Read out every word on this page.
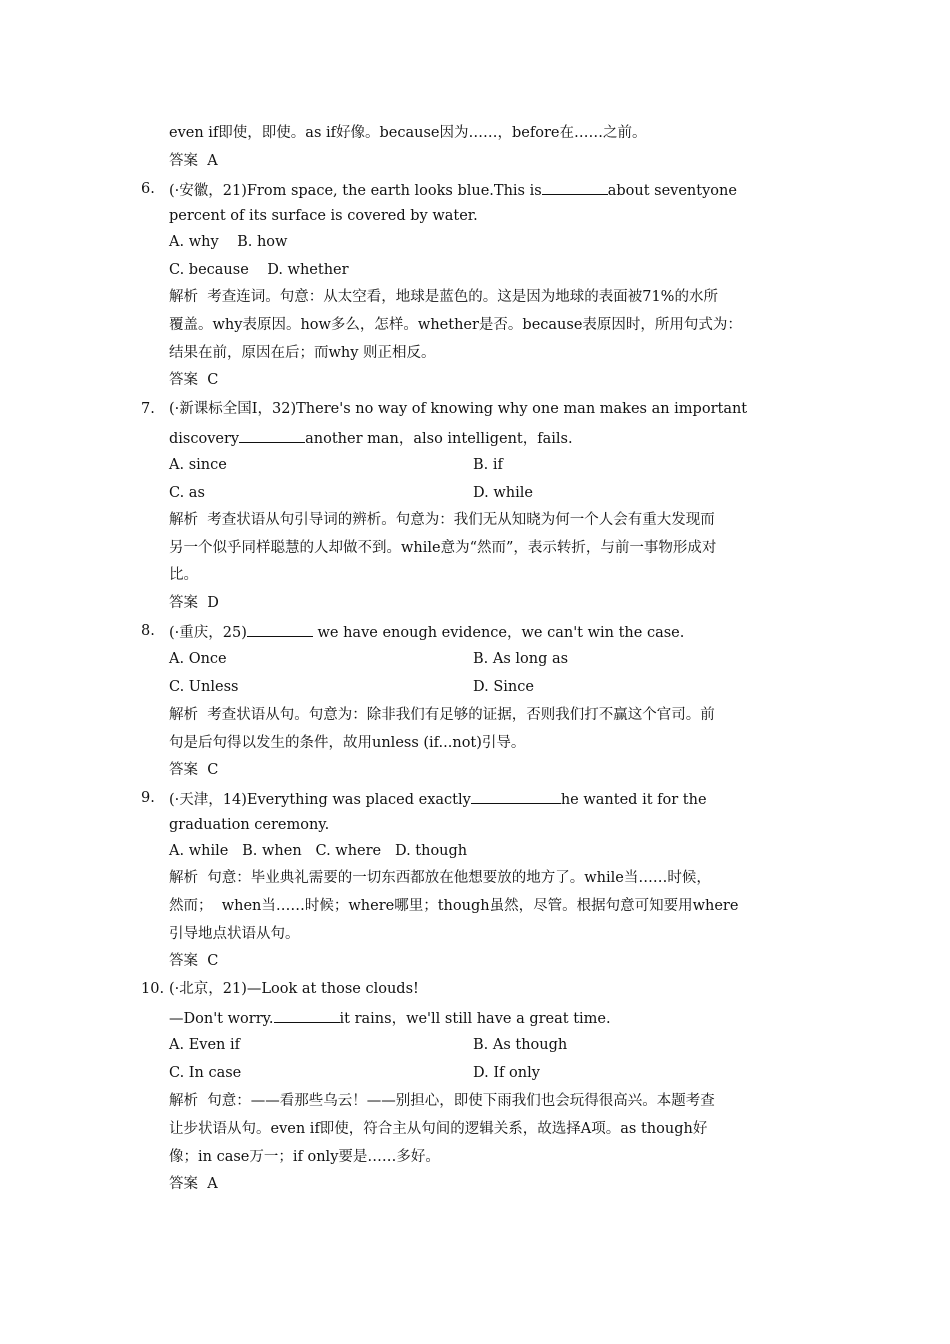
even if即使，即使。as if好像。because因为……，before在……之前。
答案  A
6. (·安徽，21)From space, the earth looks blue.This is	about seventyone
percent of its surface is covered by water.
A. why    B. how
C. because    D. whether
解析  考查连词。句意：从太空看，地球是蓝色的。这是因为地球的表面被71%的水所
覆盖。why表原因。how多么，怎样。whether是否。because表原因时，所用句式为：
结果在前，原因在后；而why 则正相反。
答案  C
7. (·新课标全国Ⅰ，32)There's no way of knowing why one man makes an important
discovery	another man，also intelligent，fails.
A. since	B. if
C. as	D. while
解析  考查状语从句引导词的辨析。句意为：我们无从知晓为何一个人会有重大发现而
另一个似乎同样聪慧的人却做不到。while意为“然而”，表示转折，与前一事物形成对
比。
答案  D
8. (·重庆，25)	we have enough evidence，we can't win the case.
A. Once	B. As long as
C. Unless	D. Since
解析  考查状语从句。句意为：除非我们有足够的证据，否则我们打不赢这个官司。前
句是后句得以发生的条件，故用unless (if...not)引导。
答案  C
9. (·天津，14)Everything was placed exactly	he wanted it for the
graduation ceremony.
A. while   B. when   C. where   D. though
解析  句意：毕业典礼需要的一切东西都放在他想要放的地方了。while当……时候，
然而；  when当……时候；where哪里；though虽然，尽管。根据句意可知要用where
引导地点状语从句。
答案  C
10. (·北京，21)—Look at those clouds!
—Don't worry.	it rains，we'll still have a great time.
A. Even if	B. As though
C. In case	D. If only
解析  句意：——看那些乌云！——别担心，即使下雨我们也会玩得很高兴。本题考查
让步状语从句。even if即使，符合主从句间的逻辑关系，故选择A项。as though好
像；in case万一；if only要是……多好。
答案  A
